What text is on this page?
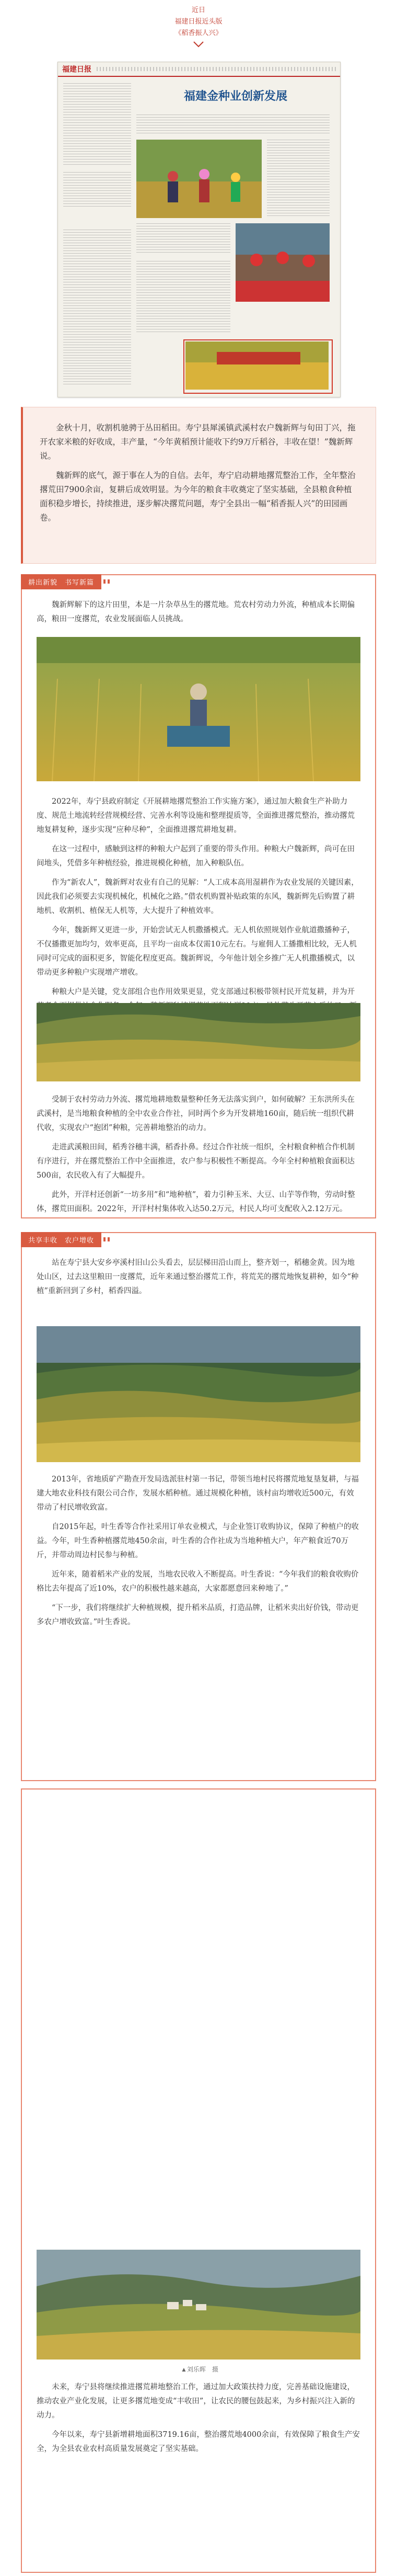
近日
福建日报近头版
《稻香振人兴》
福建日报
福建金种业创新发展

金秋十月，收割机驰骋于丛田稻田。寿宁县犀溪镇武溪村农户魏新辉与旬田丁兴，拖开农家米粮的好收成，丰产量，“今年黄稻预计能收下约9万斤稻谷，丰收在望！”魏新辉说。

魏新辉的底气，源于事在人为的自信。去年，寿宁启动耕地撂荒整治工作，全年整治撂荒田7900余亩，复耕后成效明显。为今年的粮食丰收奠定了坚实基础，全县粮食种植面积稳步增长，持续推进，逐步解决撂荒问题，寿宁全县出一幅“稻香振人兴”的田园画卷。

耕出新貌　书写新篇

魏新辉解下的这片田里，本是一片杂草丛生的撂荒地。荒农村劳动力外流，种植成本长期偏高，粮田一度撂荒，农业发展面临人员挑战。

2022年，寿宁县政府制定《开展耕地撂荒整治工作实施方案》，通过加大粮食生产补助力度、规范土地流转经营规模经营、完善水利等设施和整理提质等，全面推进撂荒整治，推动撂荒地复耕复种，逐步实现“应种尽种”，全面推进撂荒耕地复耕。

在这一过程中，感触到这样的种粮大户起到了重要的带头作用。种粮大户魏新辉，尚可在田间地头，凭借多年种植经验，推进规模化种植，加入种粮队伍。

作为“新农人”，魏新辉对农业有自己的见解：“人工成本高用湿耕作为农业发展的关键因素，因此我们必须要去实现机械化，机械化之路。”借农机购置补贴政策的东风，魏新辉先后购置了耕地机、收割机、植保无人机等，大大提升了种植效率。

今年，魏新辉又更进一步，开始尝试无人机撒播模式。无人机依照规划作业航道撒播种子，不仅播撒更加均匀，效率更高，且平均一亩成本仅需10元左右。与雇佣人工播撒相比较，无人机同时可完成的面积更多，智能化程度更高。魏新辉说，今年他计划全乡推广无人机撒播模式，以带动更多种粮户实现增产增收。

种粮大户是关键，党支部组合也作用效果更显，党支部通过积极带领村民开荒复耕，并为开

受制于农村劳动力外流、撂荒地耕地数量整种任务无法落实到户，如何破解？王东洪所头在武溪村，是当地粮食种植的全中农业合作社，同时两个乡为开发耕地160亩，随后统一组织代耕代收，实现农户“抱团”种粮，完善耕地整治的动力。

走进武溪粮田间，稻秀谷穗丰满，稻香扑鼻。经过合作社统一组织，全村粮食种植合作机制有序进行，并在撂荒整治工作中全面推进，农户参与积极性不断提高。今年全村种植粮食面积达500亩，农民收入有了大幅提升。

此外，开洋村还创新“一坊多用”和“地种植”，着力引种玉米、大豆、山芋等作物，劳动时整体，撂荒田面积。2022年，开洋村村集体收入达50.2万元，村民人均可支配收入2.12万元。

共享丰收　农户增收

站在寿宁县大安乡亭溪村旧山公头看去，层层梯田沿山而上，整齐划一，稻穗金黄。因为地处山区，过去这里粮田一度撂荒，近年来通过整治撂荒工作，将荒芜的撂荒地恢复耕种，如今“种植”重新回到了乡村，稻香四溢。

2013年，省地质矿产勘查开发局选派驻村第一书记，带领当地村民将撂荒地复垦复耕，与福建大地农业科技有限公司合作，发展水稻种植。通过规模化种植，该村亩均增收近500元，有效带动了村民增收致富。

自2015年起，叶生香等合作社采用订单农业模式，与企业签订收购协议，保障了种植户的收益。今年，叶生香种植撂荒地450余亩，叶生香的合作社成为当地种植大户，年产粮食近70万斤，并带动周边村民参与种植。

近年来，随着稻米产业的发展，当地农民收入不断提高。叶生香说：“今年我们的粮食收购价格比去年提高了近10%，农户的积极性越来越高，大家都愿意回来种地了。”

“下一步，我们将继续扩大种植规模，提升稻米品质，打造品牌，让稻米卖出好价钱，带动更多农户增收致富。”叶生香说。

▲刘乐晖　摄

未来，寿宁县将继续推进撂荒耕地整治工作，通过加大政策扶持力度，完善基础设施建设，推动农业产业化发展，让更多撂荒地变成“丰收田”，让农民的腰包鼓起来，为乡村振兴注入新的动力。

今年以来，寿宁县新增耕地面积3719.16亩，整治撂荒地4000余亩，有效保障了粮食生产安全，为全县农业农村高质量发展奠定了坚实基础。
